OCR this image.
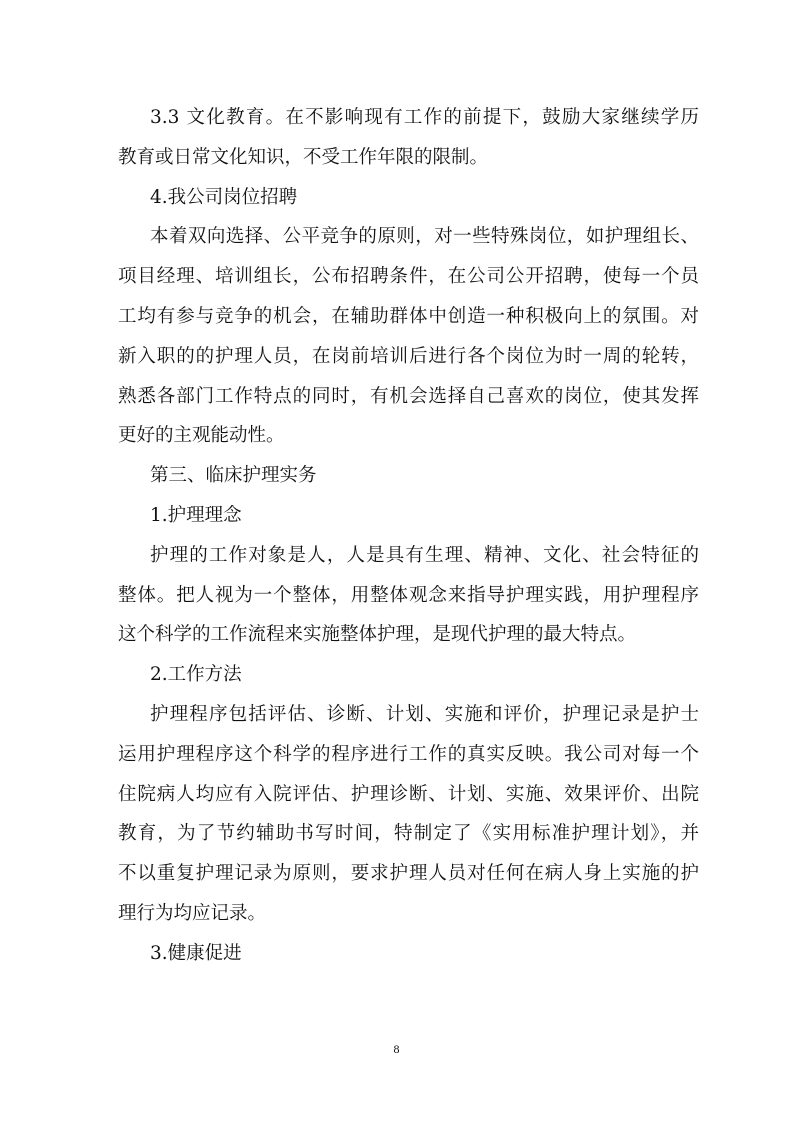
3.3 文化教育。在不影响现有工作的前提下，鼓励大家继续学历
教育或日常文化知识，不受工作年限的限制。
4.我公司岗位招聘
本着双向选择、公平竞争的原则，对一些特殊岗位，如护理组长、
项目经理、培训组长，公布招聘条件，在公司公开招聘，使每一个员
工均有参与竞争的机会，在辅助群体中创造一种积极向上的氛围。对
新入职的的护理人员，在岗前培训后进行各个岗位为时一周的轮转，
熟悉各部门工作特点的同时，有机会选择自己喜欢的岗位，使其发挥
更好的主观能动性。
第三、临床护理实务
1.护理理念
护理的工作对象是人，人是具有生理、精神、文化、社会特征的
整体。把人视为一个整体，用整体观念来指导护理实践，用护理程序
这个科学的工作流程来实施整体护理，是现代护理的最大特点。
2.工作方法
护理程序包括评估、诊断、计划、实施和评价，护理记录是护士
运用护理程序这个科学的程序进行工作的真实反映。我公司对每一个
住院病人均应有入院评估、护理诊断、计划、实施、效果评价、出院
教育，为了节约辅助书写时间，特制定了《实用标准护理计划》，并
不以重复护理记录为原则，要求护理人员对任何在病人身上实施的护
理行为均应记录。
3.健康促进
8
